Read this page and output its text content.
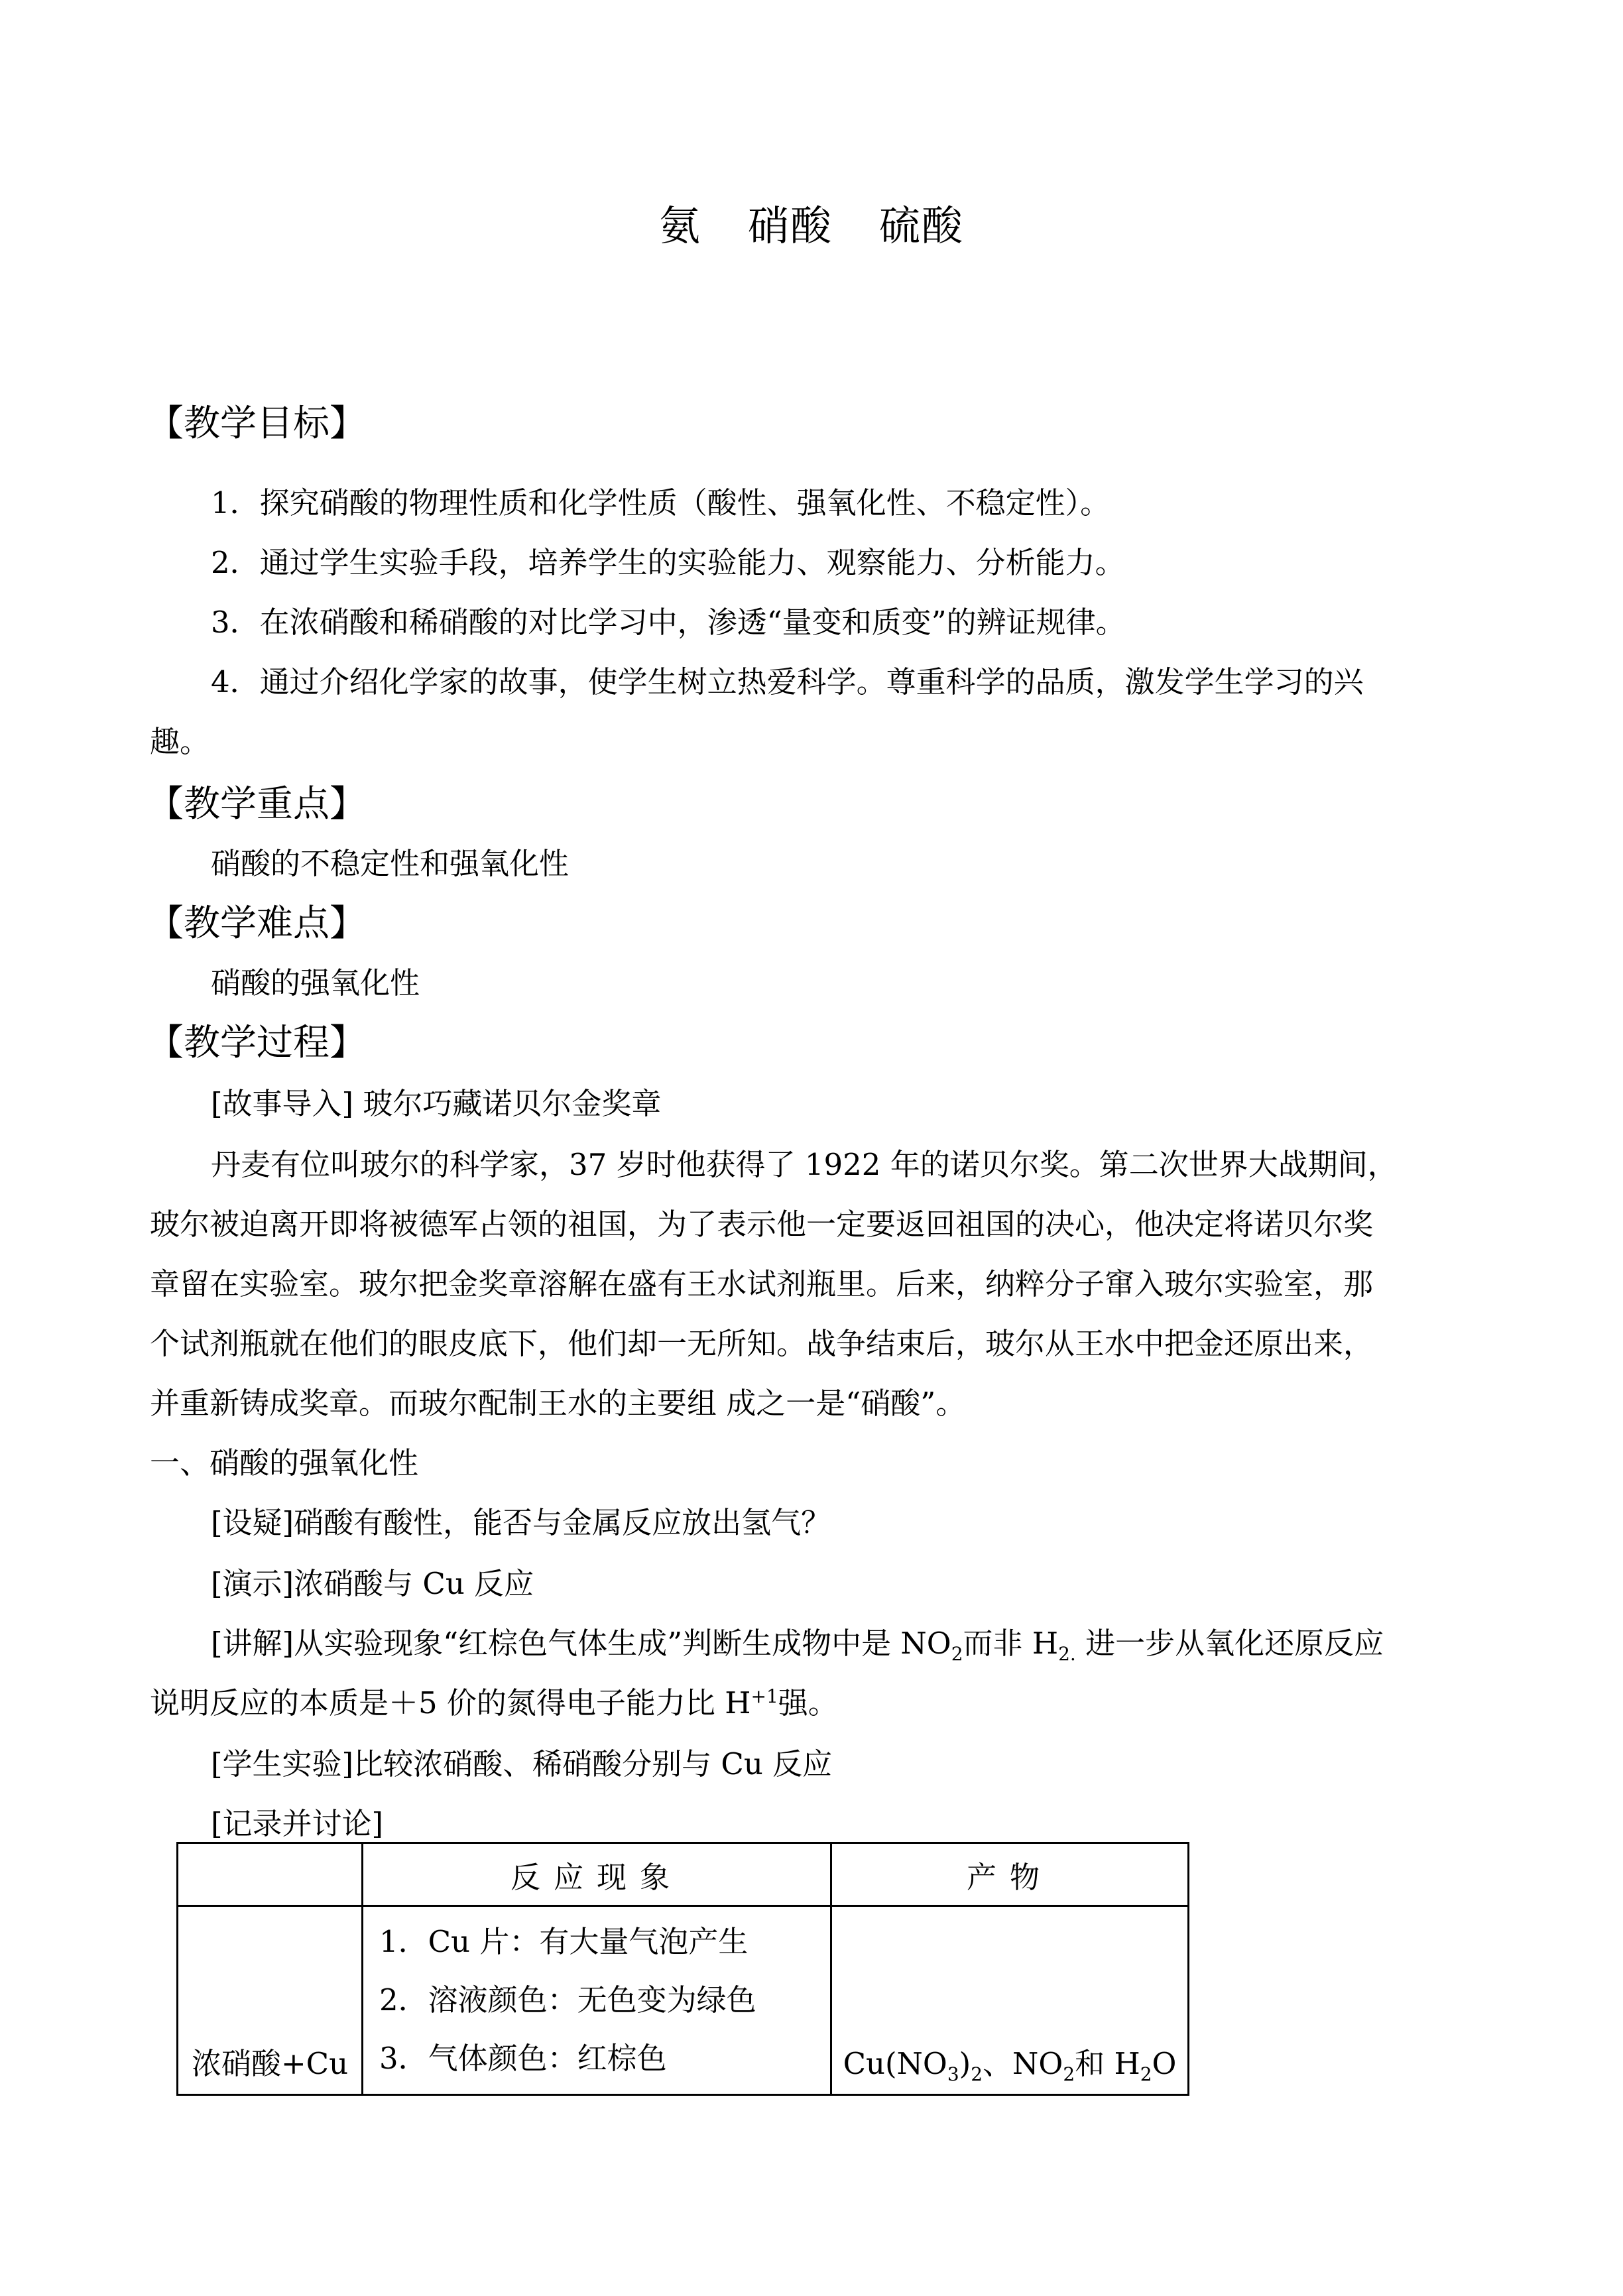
氨 硝酸 硫酸
【教学目标】
1．探究硝酸的物理性质和化学性质（酸性、强氧化性、不稳定性）。
2．通过学生实验手段，培养学生的实验能力、观察能力、分析能力。
3．在浓硝酸和稀硝酸的对比学习中，渗透“量变和质变”的辨证规律。
4．通过介绍化学家的故事，使学生树立热爱科学。尊重科学的品质，激发学生学习的兴
趣。
【教学重点】
硝酸的不稳定性和强氧化性
【教学难点】
硝酸的强氧化性
【教学过程】
[故事导入] 玻尔巧藏诺贝尔金奖章
丹麦有位叫玻尔的科学家，37 岁时他获得了 1922 年的诺贝尔奖。第二次世界大战期间，
玻尔被迫离开即将被德军占领的祖国，为了表示他一定要返回祖国的决心，他决定将诺贝尔奖
章留在实验室。玻尔把金奖章溶解在盛有王水试剂瓶里。后来，纳粹分子窜入玻尔实验室，那
个试剂瓶就在他们的眼皮底下，他们却一无所知。战争结束后，玻尔从王水中把金还原出来，
并重新铸成奖章。而玻尔配制王水的主要组 成之一是“硝酸”。
一、硝酸的强氧化性
[设疑]硝酸有酸性，能否与金属反应放出氢气？
[演示]浓硝酸与 Cu 反应
[讲解]从实验现象“红棕色气体生成”判断生成物中是 $NO_2$而非 $H_{2.}$ 进一步从氧化还原反应
说明反应的本质是＋5 价的氮得电子能力比 $H^{+1}$强。
[学生实验]比较浓硝酸、稀硝酸分别与 Cu 反应
[记录并讨论]
	反应现象	产物
浓硝酸+Cu	1．Cu 片：有大量气泡产生
2．溶液颜色：无色变为绿色
3．气体颜色：红棕色	$Cu(NO_3)_2$、$NO_2$和 $H_2O$
